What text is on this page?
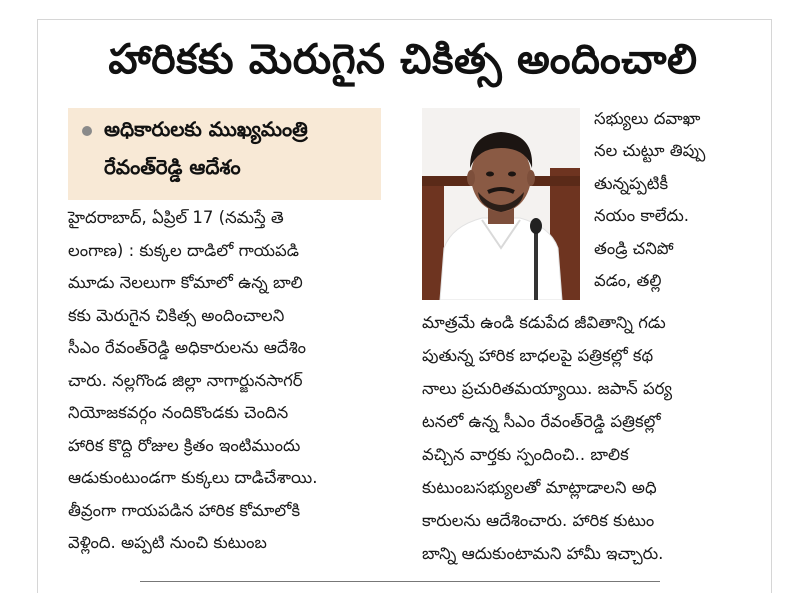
హారికకు మెరుగైన చికిత్స అందించాలి
అధికారులకు ముఖ్యమంత్రి
రేవంత్‌రెడ్డి ఆదేశం
హైదరాబాద్‌, ఏప్రిల్‌ 17 (నమస్తే తె
లంగాణ) : కుక్కల దాడిలో గాయపడి
మూడు నెలలుగా కోమాలో ఉన్న బాలి
కకు మెరుగైన చికిత్స అందించాలని
సీఎం రేవంత్‌రెడ్డి అధికారులను ఆదేశిం
చారు. నల్లగొండ జిల్లా నాగార్జునసాగర్‌
నియోజకవర్గం నందికొండకు చెందిన
హారిక కొద్ది రోజుల క్రితం ఇంటిముందు
ఆడుకుంటుండగా కుక్కలు దాడిచేశాయి.
తీవ్రంగా గాయపడిన హారిక కోమాలోకి
వెళ్లింది. అప్పటి నుంచి కుటుంబ
సభ్యులు దవాఖా
నల చుట్టూ తిప్పు
తున్నప్పటికీ
నయం కాలేదు.
తండ్రి చనిపో
వడం, తల్లి
మాత్రమే ఉండి కడుపేద జీవితాన్ని గడు
పుతున్న హారిక బాధలపై పత్రికల్లో కథ
నాలు ప్రచురితమయ్యాయి. జపాన్‌ పర్య
టనలో ఉన్న సీఎం రేవంత్‌రెడ్డి పత్రికల్లో
వచ్చిన వార్తకు స్పందించి.. బాలిక
కుటుంబసభ్యులతో మాట్లాడాలని అధి
కారులను ఆదేశించారు. హారిక కుటుం
బాన్ని ఆదుకుంటామని హామీ ఇచ్చారు.
